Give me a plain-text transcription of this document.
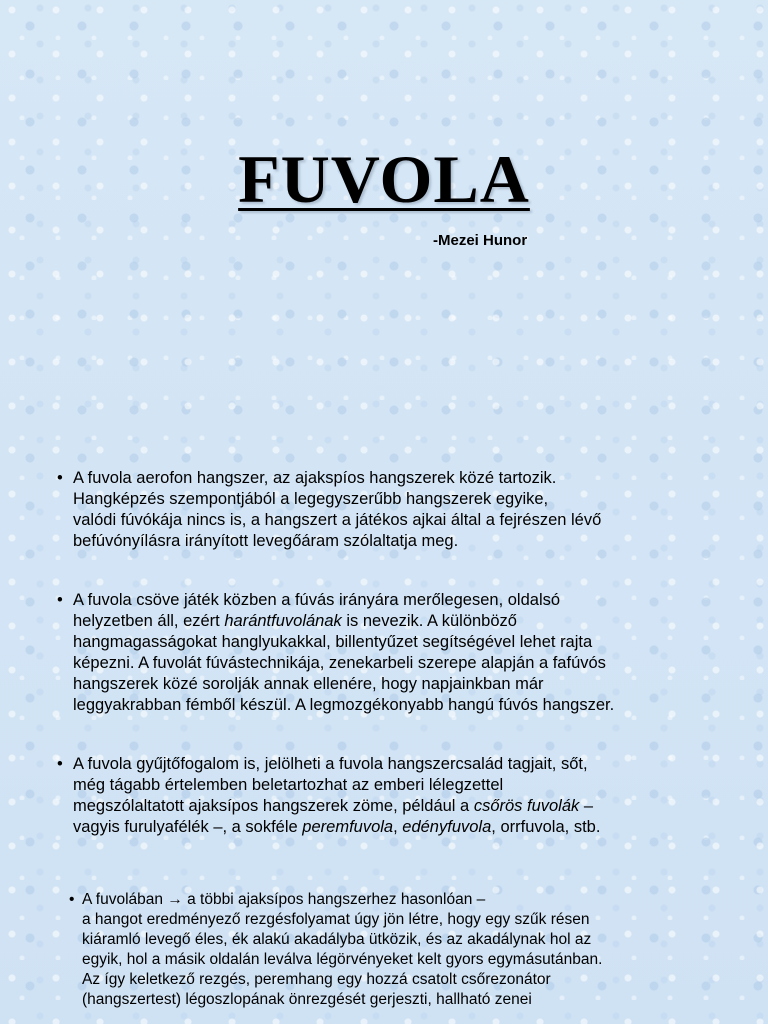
FUVOLA
-Mezei Hunor
• A fuvola aerofon hangszer, az ajakspíos hangszerek közé tartozik.
Hangképzés szempontjából a legegyszerűbb hangszerek egyike,
valódi fúvókája nincs is, a hangszert a játékos ajkai által a fejrészen lévő
befúvónyílásra irányított levegőáram szólaltatja meg.
• A fuvola csöve játék közben a fúvás irányára merőlegesen, oldalsó
helyzetben áll, ezért harántfuvolának is nevezik. A különböző
hangmagasságokat hanglyukakkal, billentyűzet segítségével lehet rajta
képezni. A fuvolát fúvástechnikája, zenekarbeli szerepe alapján a fafúvós
hangszerek közé sorolják annak ellenére, hogy napjainkban már
leggyakrabban fémből készül. A legmozgékonyabb hangú fúvós hangszer.
• A fuvola gyűjtőfogalom is, jelölheti a fuvola hangszercsalád tagjait, sőt,
még tágabb értelemben beletartozhat az emberi lélegzettel
megszólaltatott ajaksípos hangszerek zöme, például a csőrös fuvolák –
vagyis furulyafélék –, a sokféle peremfuvola, edényfuvola, orrfuvola, stb.
• A fuvolában → a többi ajaksípos hangszerhez hasonlóan –
a hangot eredményező rezgésfolyamat úgy jön létre, hogy egy szűk résen
kiáramló levegő éles, ék alakú akadályba ütközik, és az akadálynak hol az
egyik, hol a másik oldalán leválva légörvényeket kelt gyors egymásutánban.
Az így keletkező rezgés, peremhang egy hozzá csatolt csőrezonátor
(hangszertest) légoszlopának önrezgését gerjeszti, hallható zenei
